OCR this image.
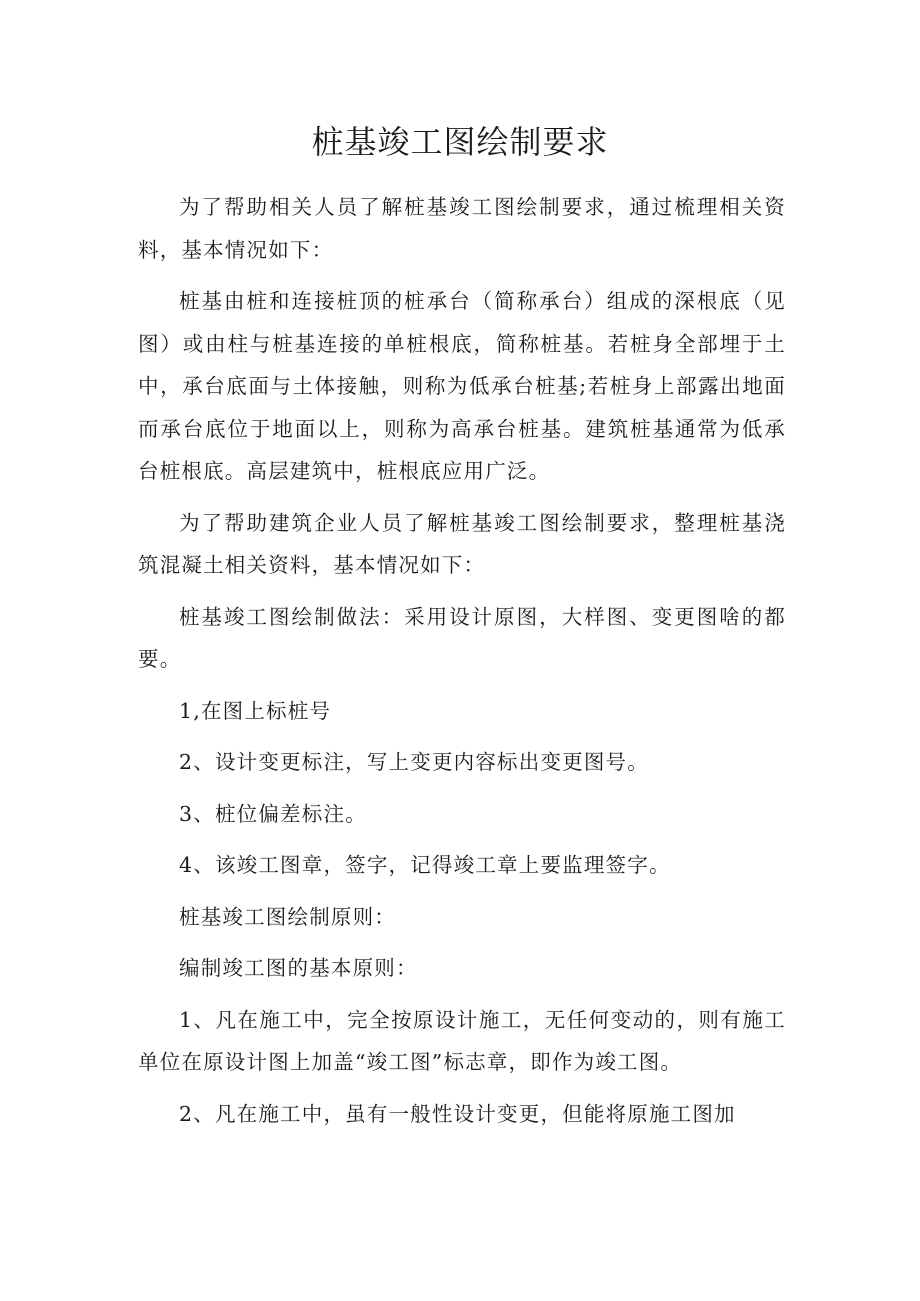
桩基竣工图绘制要求

为了帮助相关人员了解桩基竣工图绘制要求，通过梳理相关资料，基本情况如下：

桩基由桩和连接桩顶的桩承台（简称承台）组成的深根底（见图）或由柱与桩基连接的单桩根底，简称桩基。若桩身全部埋于土中，承台底面与土体接触，则称为低承台桩基;若桩身上部露出地面而承台底位于地面以上，则称为高承台桩基。建筑桩基通常为低承台桩根底。高层建筑中，桩根底应用广泛。

为了帮助建筑企业人员了解桩基竣工图绘制要求，整理桩基浇筑混凝土相关资料，基本情况如下：

桩基竣工图绘制做法：采用设计原图，大样图、变更图啥的都要。

1,在图上标桩号

2、设计变更标注，写上变更内容标出变更图号。

3、桩位偏差标注。

4、该竣工图章，签字，记得竣工章上要监理签字。

桩基竣工图绘制原则：

编制竣工图的基本原则：

1、凡在施工中，完全按原设计施工，无任何变动的，则有施工单位在原设计图上加盖“竣工图”标志章，即作为竣工图。

2、凡在施工中，虽有一般性设计变更，但能将原施工图加
